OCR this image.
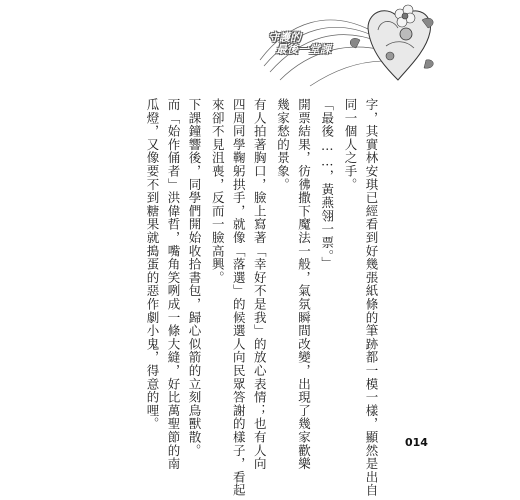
守護的
最後一堂課
字，其實林安琪已經看到好幾張紙條的筆跡都一模一樣，顯然是出自
同一個人之手。
「最後……，黃燕翎一票。」
開票結果，彷彿撒下魔法一般，氣氛瞬間改變，出現了幾家歡樂
幾家愁的景象。
有人拍著胸口，臉上寫著「幸好不是我」的放心表情；也有人向
四周同學鞠躬拱手，就像「落選」的候選人向民眾答謝的樣子，看起
來卻不見沮喪，反而一臉高興。
下課鐘響後，同學們開始收拾書包，歸心似箭的立刻鳥獸散。
而「始作俑者」洪偉哲，嘴角笑咧成一條大縫，好比萬聖節的南
瓜燈，又像要不到糖果就搗蛋的惡作劇小鬼，得意的哩。
014
